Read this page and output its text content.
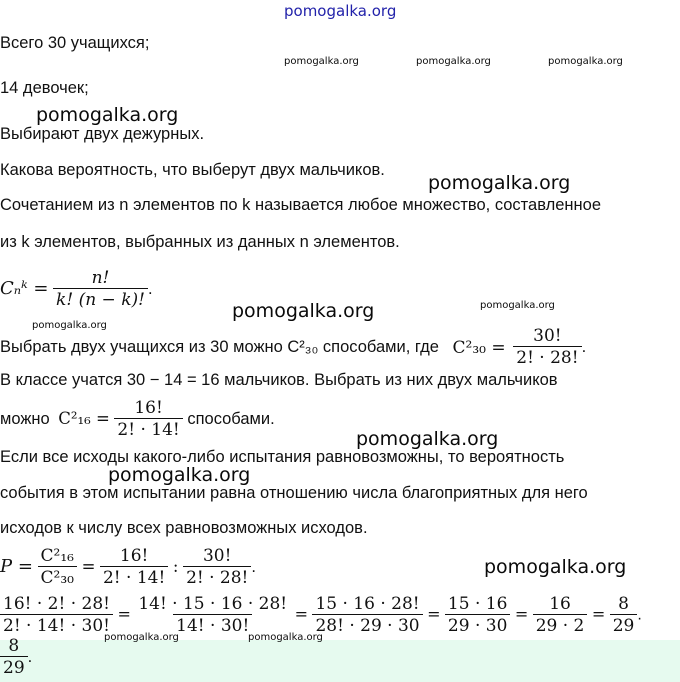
pomogalka.org
pomogalka.org	pomogalka.org	pomogalka.org
pomogalka.org
pomogalka.org
pomogalka.org	pomogalka.org
pomogalka.org
pomogalka.org
pomogalka.org
pomogalka.org
Всего 30 учащихся;
14 девочек;
Выбирают двух дежурных.
Какова вероятность, что выберут двух мальчиков.
Сочетанием из n элементов по k называется любое множество, составленное
из k элементов, выбранных из данных n элементов.
Cₙᵏ = $\frac{n!}{k! (n - k)!}$ .
Выбрать двух учащихся из 30 можно C²₃₀ способами, где C²₃₀ =
$\frac{30!}{2! \cdot 28!}$ .
В классе учатся 30 − 14 = 16 мальчиков. Выбрать из них двух мальчиков
можно $C^2_{16} = \frac{16!}{2! \cdot 14!}$ способами.
Если все исходы какого-либо испытания равновозможны, то вероятность
события в этом испытании равна отношению числа благоприятных для него
исходов к числу всех равновозможных исходов.
$P = \frac{\text{C²₁₆}}{\text{C²₃₀}} = \frac{16!}{2! \cdot 14!}$ : $\frac{30!}{2! \cdot 28!}$ .
$\frac{16! \cdot 2! \cdot 28!}{2! \cdot 14! \cdot 30!} = \frac{14! \cdot 15 \cdot 16 \cdot 28!}{14! \cdot 30!} = \frac{15 \cdot 16 \cdot 28!}{28! \cdot 29 \cdot 30} = \frac{15 \cdot 16}{29 \cdot 30} = \frac{16}{29 \cdot 2} = \frac{8}{29}$ .
pomogalka.org	pomogalka.org
$\frac{8}{29}$ .
